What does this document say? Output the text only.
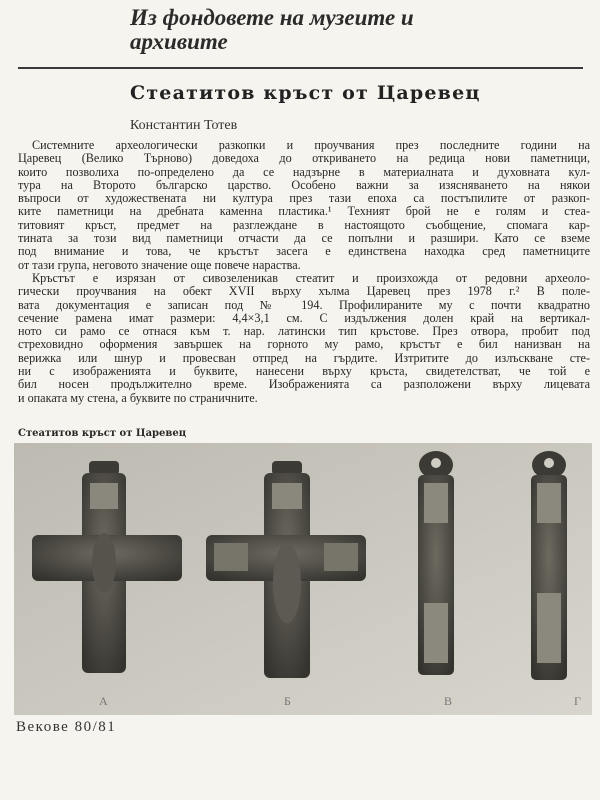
Из фондовете на музеите и архивите
Стеатитов кръст от Царевец
Константин Тотев
Системните археологически разкопки и проучвания през последните години на
Царевец (Велико Търново) доведоха до откриването на редица нови паметници,
които позволиха по-определено да се надзърне в материалната и духовната кул-
тура на Второто българско царство. Особено важни за изясняването на някои
въпроси от художествената ни култура през тази епоха са постъпилите от разкоп-
ките паметници на дребната каменна пластика.¹ Техният брой не е голям и стеа-
титовият кръст, предмет на разглеждане в настоящото съобщение, спомага кар-
тината за този вид паметници отчасти да се попълни и разшири. Като се вземе
под внимание и това, че кръстът засега е единствена находка сред паметниците
от тази група, неговото значение още повече нараства.
Кръстът е изрязан от сивозеленикав стеатит и произхожда от редовни археоло-
гически проучвания на обект XVII върху хълма Царевец през 1978 г.² В поле-
вата документация е записан под № 194. Профилираните му с почти квадратно
сечение рамена имат размери: 4,4×3,1 см. С издължения долен край на вертикал-
ното си рамо се отнася към т. нар. латински тип кръстове. През отвора, пробит под
стреховидно оформения завършек на горното му рамо, кръстът е бил нанизван на
верижка или шнур и провесван отпред на гърдите. Изтритите до излъскване сте-
ни с изображенията и буквите, нанесени върху кръста, свидетелстват, че той е
бил носен продължително време. Изображенията са разположени върху лицевата
и опаката му стена, а буквите по страничните.
Стеатитов кръст от Царевец
А	Б	В	Г
Векове 80/81
